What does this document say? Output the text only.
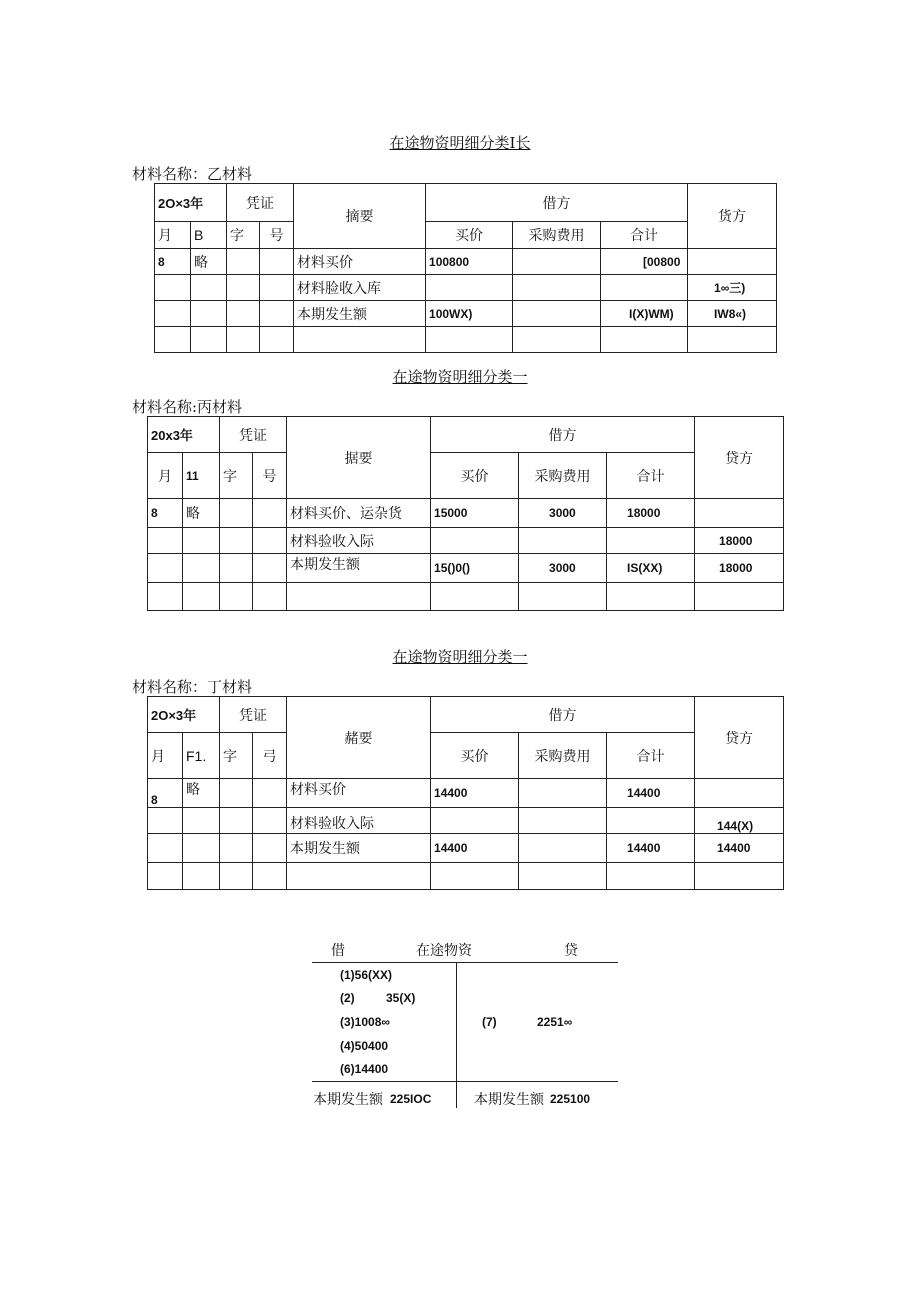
在途物资明细分类Ⅰ长
材料名称：乙材料
2O×3年		凭证		摘要	借方			货方
月	B	字	号		买价	采购费用	合计	
8	略			材料买价	100800		[00800	
				材料脸收入库				1∞三)
				本期发生额	100WX)		I(X)WM)	IW8«)

在途物资明细分类一
材料名称:丙材料
20x3年		凭证		据要	借方			贷方
月	11	字	号		买价	采购费用	合计	
8	略			材料买价、运杂货	15000	3000	18000	
				材料验收入际				18000
				本期发生额	15()0()	3000	IS(XX)	18000

在途物资明细分类一
材料名称：丁材料
2O×3年		凭证		赭要	借方			贷方
月	F1.	字	弓		买价	采购费用	合计	
8	略			材料买价	14400		14400	
				材料验收入际				144(X)
				本期发生额	14400		14400	14400

借	在途物资	贷
(1)56(XX)
(2)	35(X)
(3)1008∞
(4)50400
(6)14400
(7)	2251∞
本期发生额 225IOC	本期发生额 225100
